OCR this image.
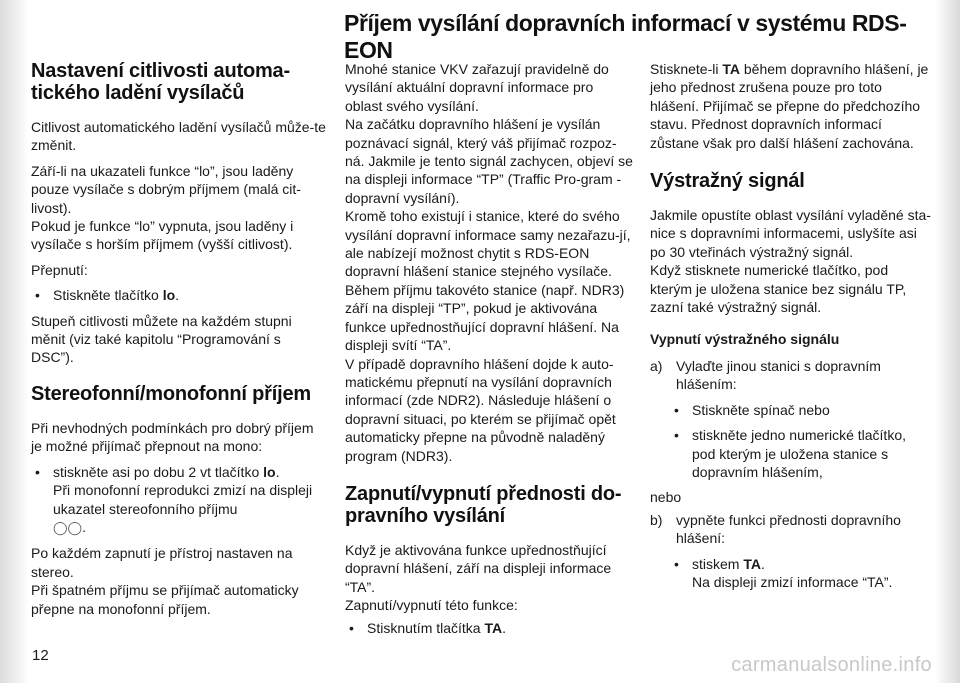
Příjem vysílání dopravních informací v systému RDS-EON
Nastavení citlivosti automa-
tického ladění vysílačů

Citlivost automatického ladění vysílačů může-te změnit.

Září-li na ukazateli funkce “lo”, jsou laděny pouze vysílače s dobrým příjmem (malá cit-livost).

Pokud je funkce “lo” vypnuta, jsou laděny i vysílače s horším příjmem (vyšší citlivost).

Přepnutí:

• Stiskněte tlačítko lo.

Stupeň citlivosti můžete na každém stupni měnit (viz také kapitolu “Programování s DSC”).

Stereofonní/monofonní příjem

Při nevhodných podmínkách pro dobrý příjem je možné přijímač přepnout na mono:

• stiskněte asi po dobu 2 vt tlačítko lo.
Při monofonní reprodukci zmizí na displeji ukazatel stereofonního příjmu
◯◯.

Po každém zapnutí je přístroj nastaven na stereo.

Při špatném příjmu se přijímač automaticky přepne na monofonní příjem.

Mnohé stanice VKV zařazují pravidelně do vysílání aktuální dopravní informace pro oblast svého vysílání.

Na začátku dopravního hlášení je vysílán poznávací signál, který váš přijímač rozpoz-ná. Jakmile je tento signál zachycen, objeví se na displeji informace “TP” (Traffic Pro-gram - dopravní vysílání).

Kromě toho existují i stanice, které do svého vysílání dopravní informace samy nezařazu-jí, ale nabízejí možnost chytit s RDS-EON dopravní hlášení stanice stejného vysílače. Během příjmu takovéto stanice (např. NDR3) září na displeji “TP”, pokud je aktivována funkce upřednostňující dopravní hlášení. Na displeji svítí “TA”.

V případě dopravního hlášení dojde k auto-matickému přepnutí na vysílání dopravních informací (zde NDR2). Následuje hlášení o dopravní situaci, po kterém se přijímač opět automaticky přepne na původně naladěný program (NDR3).

Zapnutí/vypnutí přednosti do-
pravního vysílání

Když je aktivována funkce upřednostňující dopravní hlášení, září na displeji informace “TA”.

Zapnutí/vypnutí této funkce:

• Stisknutím tlačítka TA.

Stisknete-li TA během dopravního hlášení, je jeho přednost zrušena pouze pro toto hlášení. Přijímač se přepne do předchozího stavu. Přednost dopravních informací zůstane však pro další hlášení zachována.

Výstražný signál

Jakmile opustíte oblast vysílání vyladěné sta-nice s dopravními informacemi, uslyšíte asi po 30 vteřinách výstražný signál.

Když stisknete numerické tlačítko, pod kterým je uložena stanice bez signálu TP, zazní také výstražný signál.

Vypnutí výstražného signálu

a) Vylaďte jinou stanici s dopravním hlášením:

• Stiskněte spínač nebo

• stiskněte jedno numerické tlačítko, pod kterým je uložena stanice s dopravním hlášením,

nebo

b) vypněte funkci přednosti dopravního hlášení:

• stiskem TA.
Na displeji zmizí informace “TA”.

12	carmanualsonline.info
